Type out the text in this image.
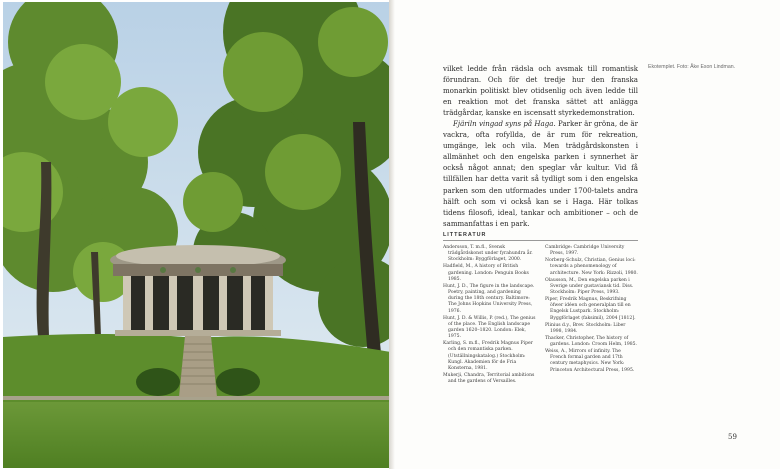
Ekotemplet. Foto: Åke Eson Lindman.

vilket ledde från rädsla och avsmak till romantisk förundran. Och för det tredje hur den franska monarkin politiskt blev otidsenlig och även ledde till en reaktion mot det franska sättet att anlägga trädgårdar, kanske en iscensatt styrkedemonstration.

Fjäriln vingad syns på Haga. Parker är gröna, de är vackra, ofta rofyllda, de är rum för rekreation, umgänge, lek och vila. Men trädgårdskonsten i allmänhet och den engelska parken i synnerhet är också något annat; den speglar vår kultur. Vid få tillfällen har detta varit så tydligt som i den engelska parken som den utformades under 1700-talets andra hälft och som vi också kan se i Haga. Här tolkas tidens filosofi, ideal, tankar och ambitioner – och de sammanfattas i en park.

LITTERATUR
Andersson, T. m.fl., Svensk trädgårdskonst under fyrahundra år. Stockholm: Byggförlaget, 2000.
Hadfield, M., A history of British gardening. London: Penguin Books 1985.
Hunt, J. D., The figure in the landscape. Poetry, painting, and gardening during the 18th century. Baltimore: The Johns Hopkins University Press, 1976.
Hunt, J. D. & Willis, P. (red.), The genius of the place. The English landscape garden 1620–1820. London: Elek, 1975.
Karling, S. m.fl., Fredrik Magnus Piper och den romantiska parken. (Utställningskatalog.) Stockholm: Kungl. Akademien för de Fria Konsterna, 1981.
Mukerji, Chandra, Territorial ambitions and the gardens of Versailles.
Cambridge: Cambridge University Press, 1997.
Norberg-Schulz, Christian, Genius loci: towards a phenomenology of architecture. New York: Rizzoli, 1980.
Olausson, M., Den engelska parken i Sverige under gustaviansk tid. Diss. Stockholm: Piper Press, 1993.
Piper, Fredrik Magnus, Beskrifning öfwer idéen och generalplan till en Engelsk Lustpark. Stockholm: Byggförlaget (faksimil), 2004 [1812].
Plinius d.y., Brev. Stockholm: Liber 1998, 1984.
Thacker, Christopher, The history of gardens. London: Croom Helm, 1985.
Weiss, A., Mirrors of infinity. The French formal garden and 17th century metaphysics. New York: Princeton Architectural Press, 1995.
59
